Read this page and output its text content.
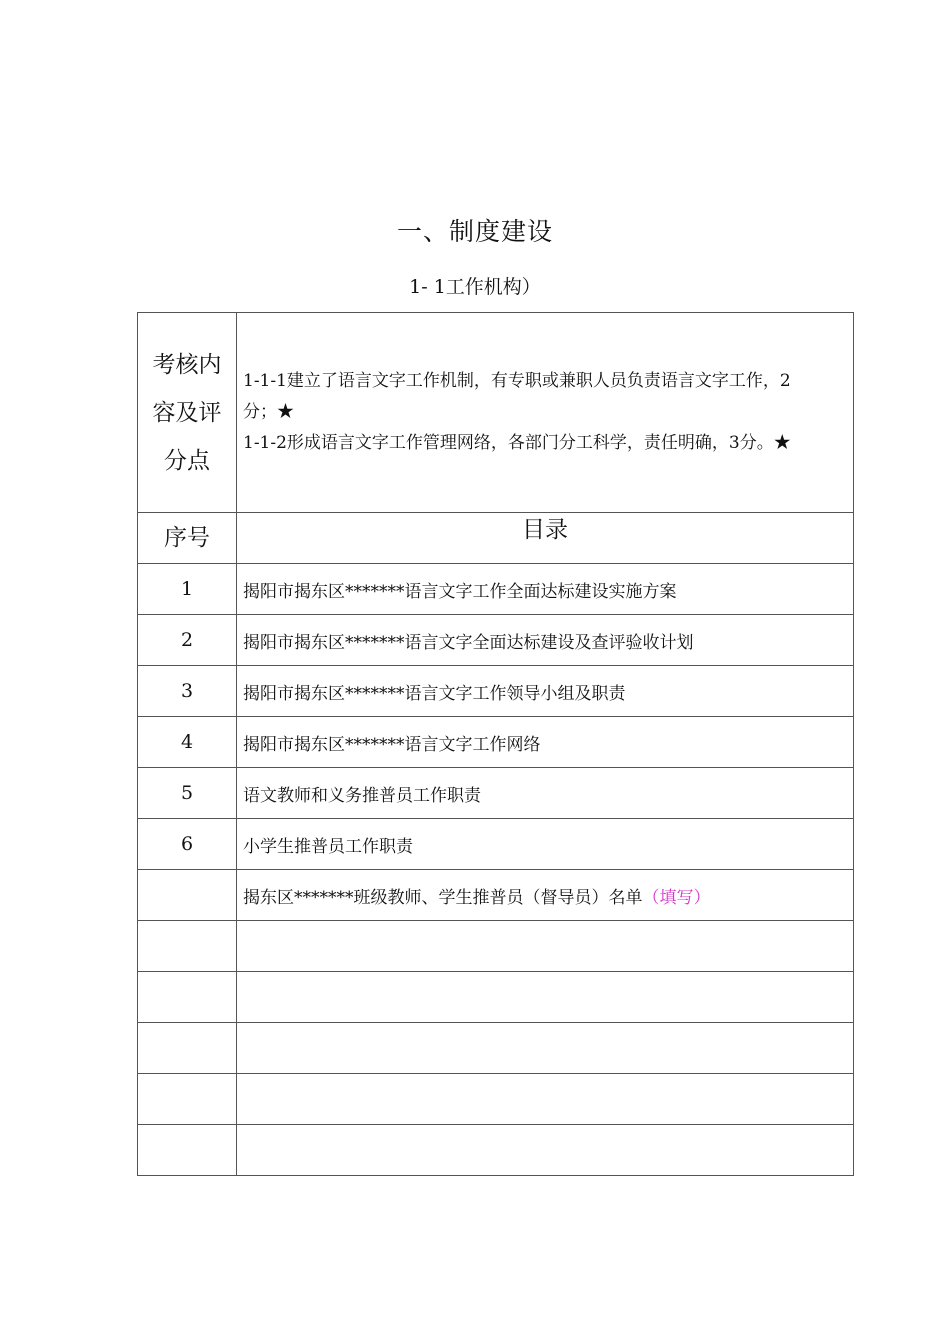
一、制度建设
1- 1工作机构）
考核内容及评分点	1-1-1建立了语言文字工作机制，有专职或兼职人员负责语言文字工作，2分；★
1-1-2形成语言文字工作管理网络，各部门分工科学，责任明确，3分。★

序号	目录

1	揭阳市揭东区*******语言文字工作全面达标建设实施方案
2	揭阳市揭东区*******语言文字全面达标建设及查评验收计划
3	揭阳市揭东区*******语言文字工作领导小组及职责
4	揭阳市揭东区*******语言文字工作网络
5	语文教师和义务推普员工作职责
6	小学生推普员工作职责
	揭东区*******班级教师、学生推普员（督导员）名单（填写）
